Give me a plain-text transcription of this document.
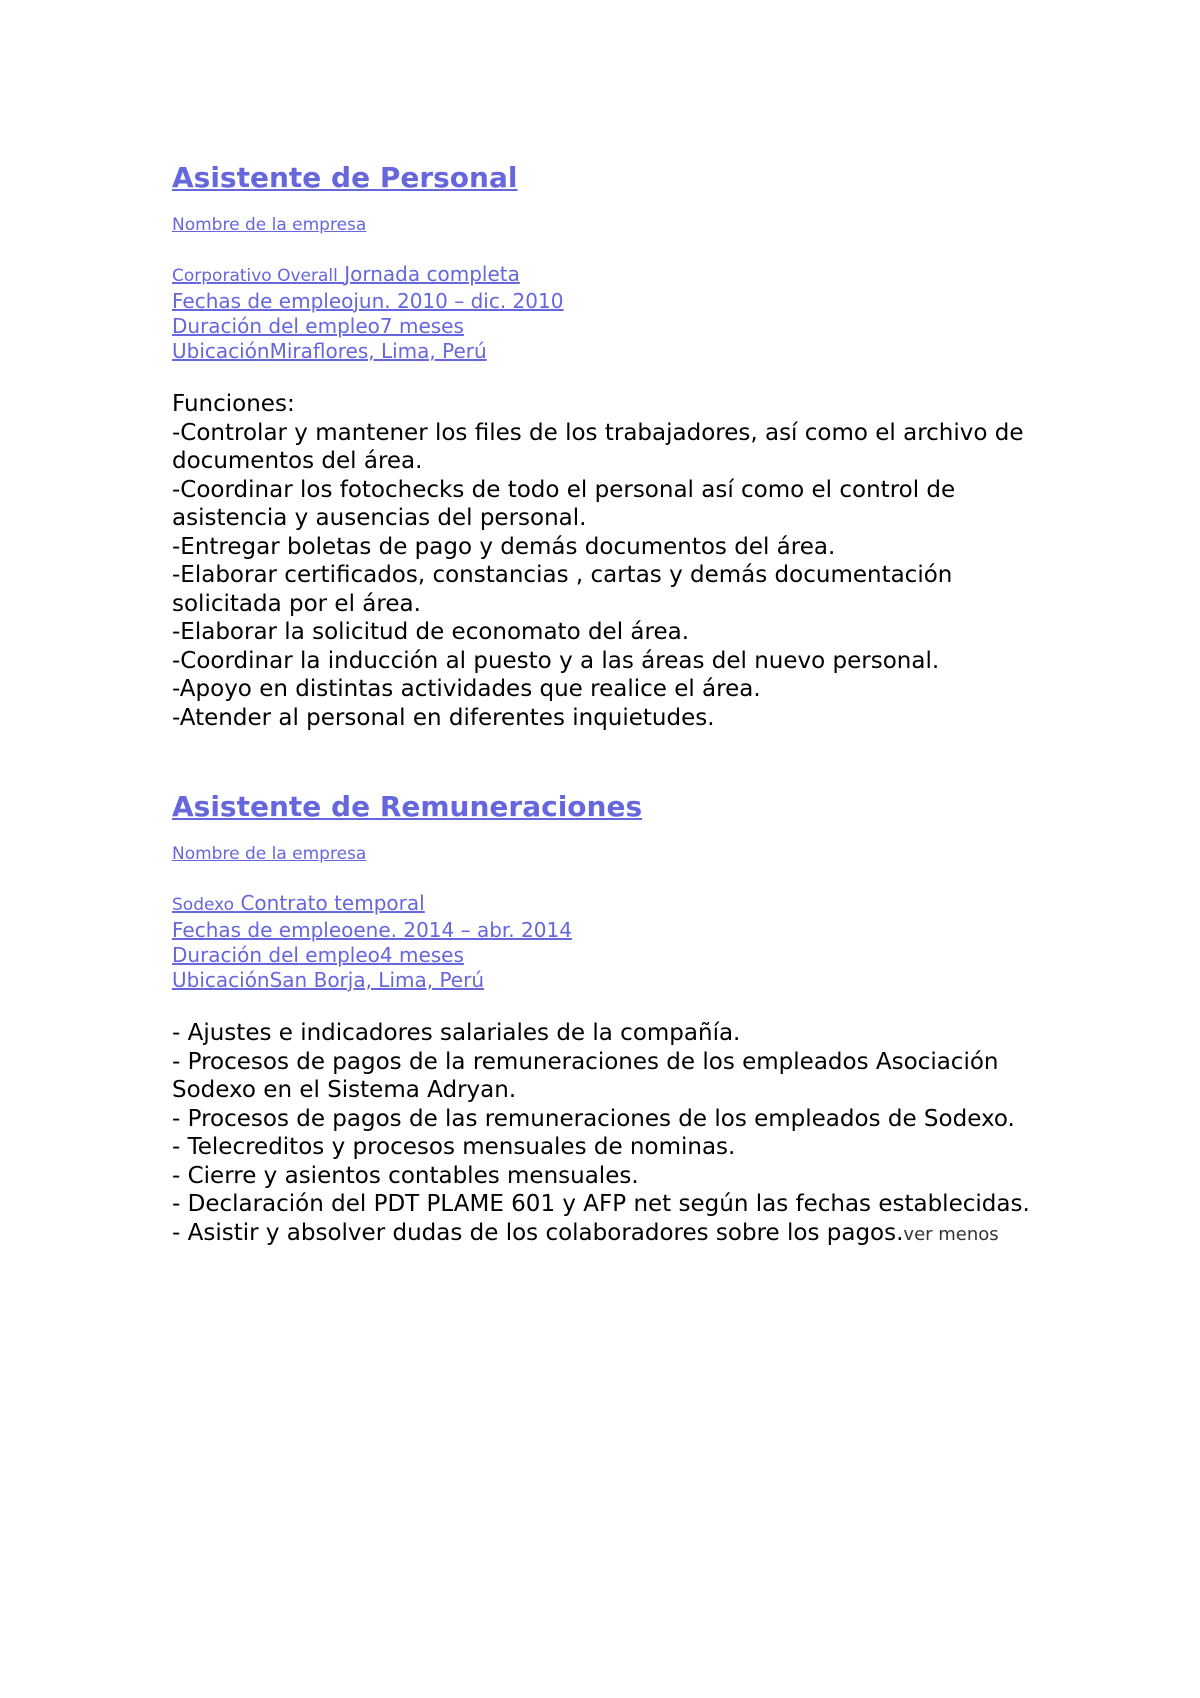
Asistente de Personal
Nombre de la empresa
Corporativo Overall Jornada completa
Fechas de empleojun. 2010 – dic. 2010
Duración del empleo7 meses
UbicaciónMiraflores, Lima, Perú

Funciones:

-Controlar y mantener los files de los trabajadores, así como el archivo de documentos del área.

-Coordinar los fotochecks de todo el personal así como el control de asistencia y ausencias del personal.

-Entregar boletas de pago y demás documentos del área.

-Elaborar certificados, constancias , cartas y demás documentación solicitada por el área.

-Elaborar la solicitud de economato del área.

-Coordinar la inducción al puesto y a las áreas del nuevo personal.

-Apoyo en distintas actividades que realice el área.

-Atender al personal en diferentes inquietudes.

Asistente de Remuneraciones
Nombre de la empresa
Sodexo Contrato temporal
Fechas de empleoene. 2014 – abr. 2014
Duración del empleo4 meses
UbicaciónSan Borja, Lima, Perú

- Ajustes e indicadores salariales de la compañía.

- Procesos de pagos de la remuneraciones de los empleados Asociación Sodexo en el Sistema Adryan.

- Procesos de pagos de las remuneraciones de los empleados de Sodexo.

- Telecreditos y procesos mensuales de nominas.

- Cierre y asientos contables mensuales.

- Declaración del PDT PLAME 601 y AFP net según las fechas establecidas.

- Asistir y absolver dudas de los colaboradores sobre los pagos.ver menos
